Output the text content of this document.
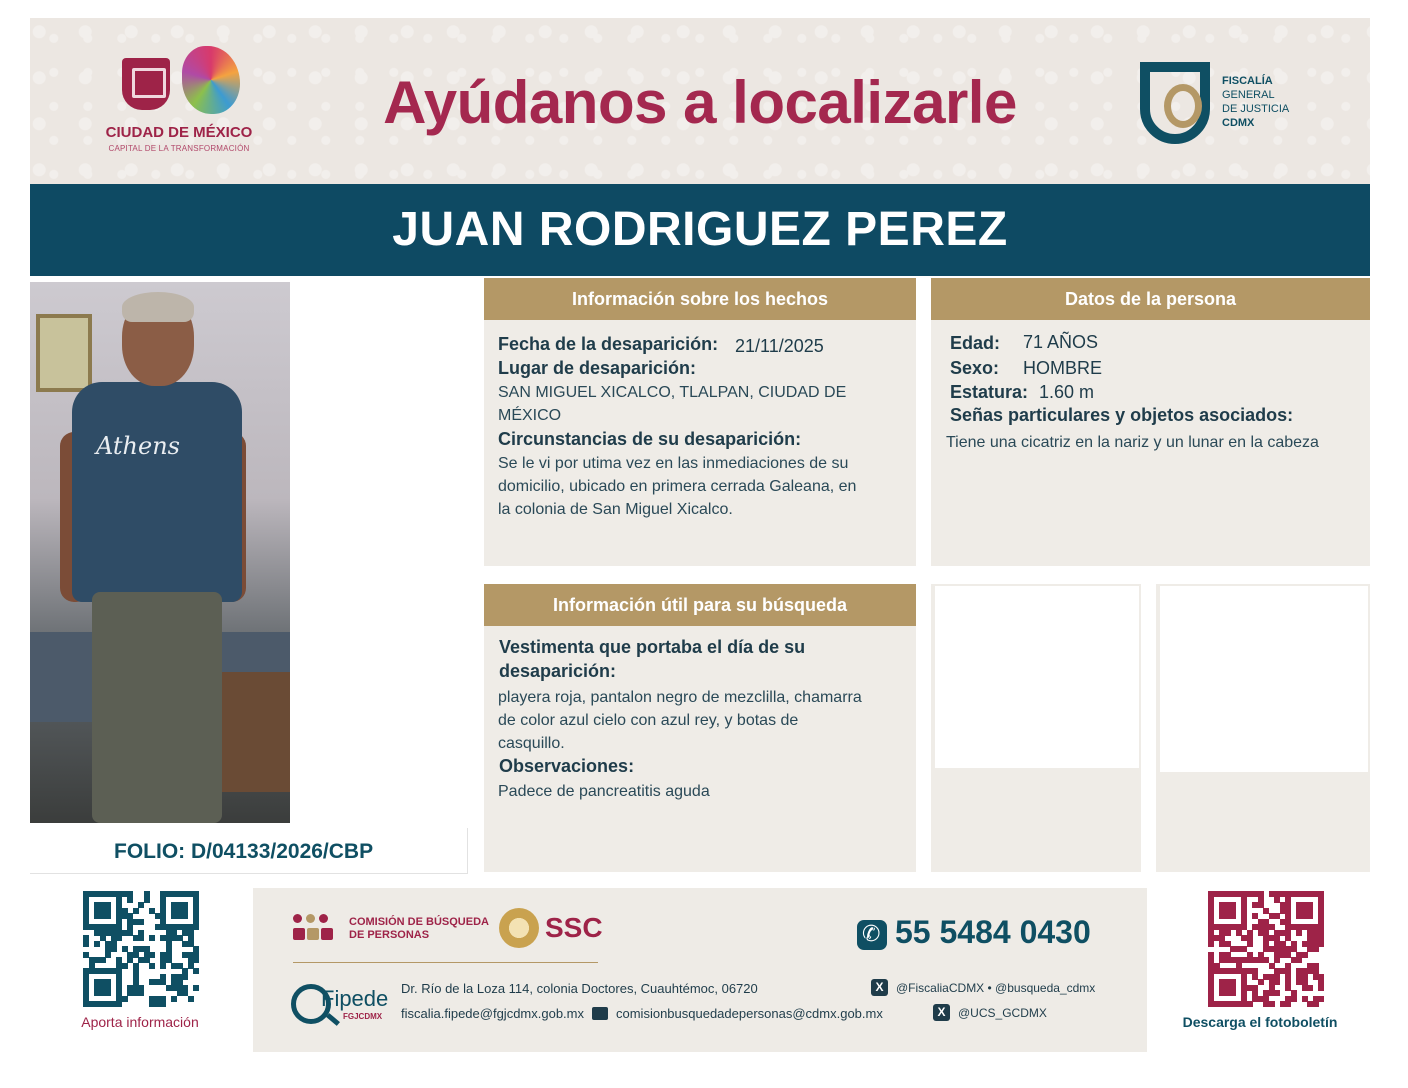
CIUDAD DE MÉXICO
CAPITAL DE LA TRANSFORMACIÓN
Ayúdanos a localizarle	FISCALÍA
GENERAL
DE JUSTICIA
CDMX
JUAN RODRIGUEZ PEREZ
Athens
FOLIO: D/04133/2026/CBP
Información sobre los hechos
Fecha de la desaparición: 21/11/2025
Lugar de desaparición:
SAN MIGUEL XICALCO, TLALPAN, CIUDAD DE
MÉXICO
Circunstancias de su desaparición:
Se le vi por utima vez en las inmediaciones de su
domicilio, ubicado en primera cerrada Galeana, en
la colonia de San Miguel Xicalco.
Datos de la persona
Edad: 71 AÑOS
Sexo: HOMBRE
Estatura: 1.60 m
Señas particulares y objetos asociados:
Tiene una cicatriz en la nariz y un lunar en la cabeza
Información útil para su búsqueda
Vestimenta que portaba el día de su
desaparición:
playera roja, pantalon negro de mezclilla, chamarra
de color azul cielo con azul rey, y botas de
casquillo.
Observaciones:
Padece de pancreatitis aguda
Aporta información	Descarga el fotoboletín
COMISIÓN DE BÚSQUEDA
DE PERSONAS	SSC
✆	55 5484 0430
Fipede
FGJCDMX
Dr. Río de la Loza 114, colonia Doctores, Cuauhtémoc, 06720
fiscalia.fipede@fgjcdmx.gob.mx comisionbusquedadepersonas@cdmx.gob.mx
X	@FiscaliaCDMX • @busqueda_cdmx
X	@UCS_GCDMX
